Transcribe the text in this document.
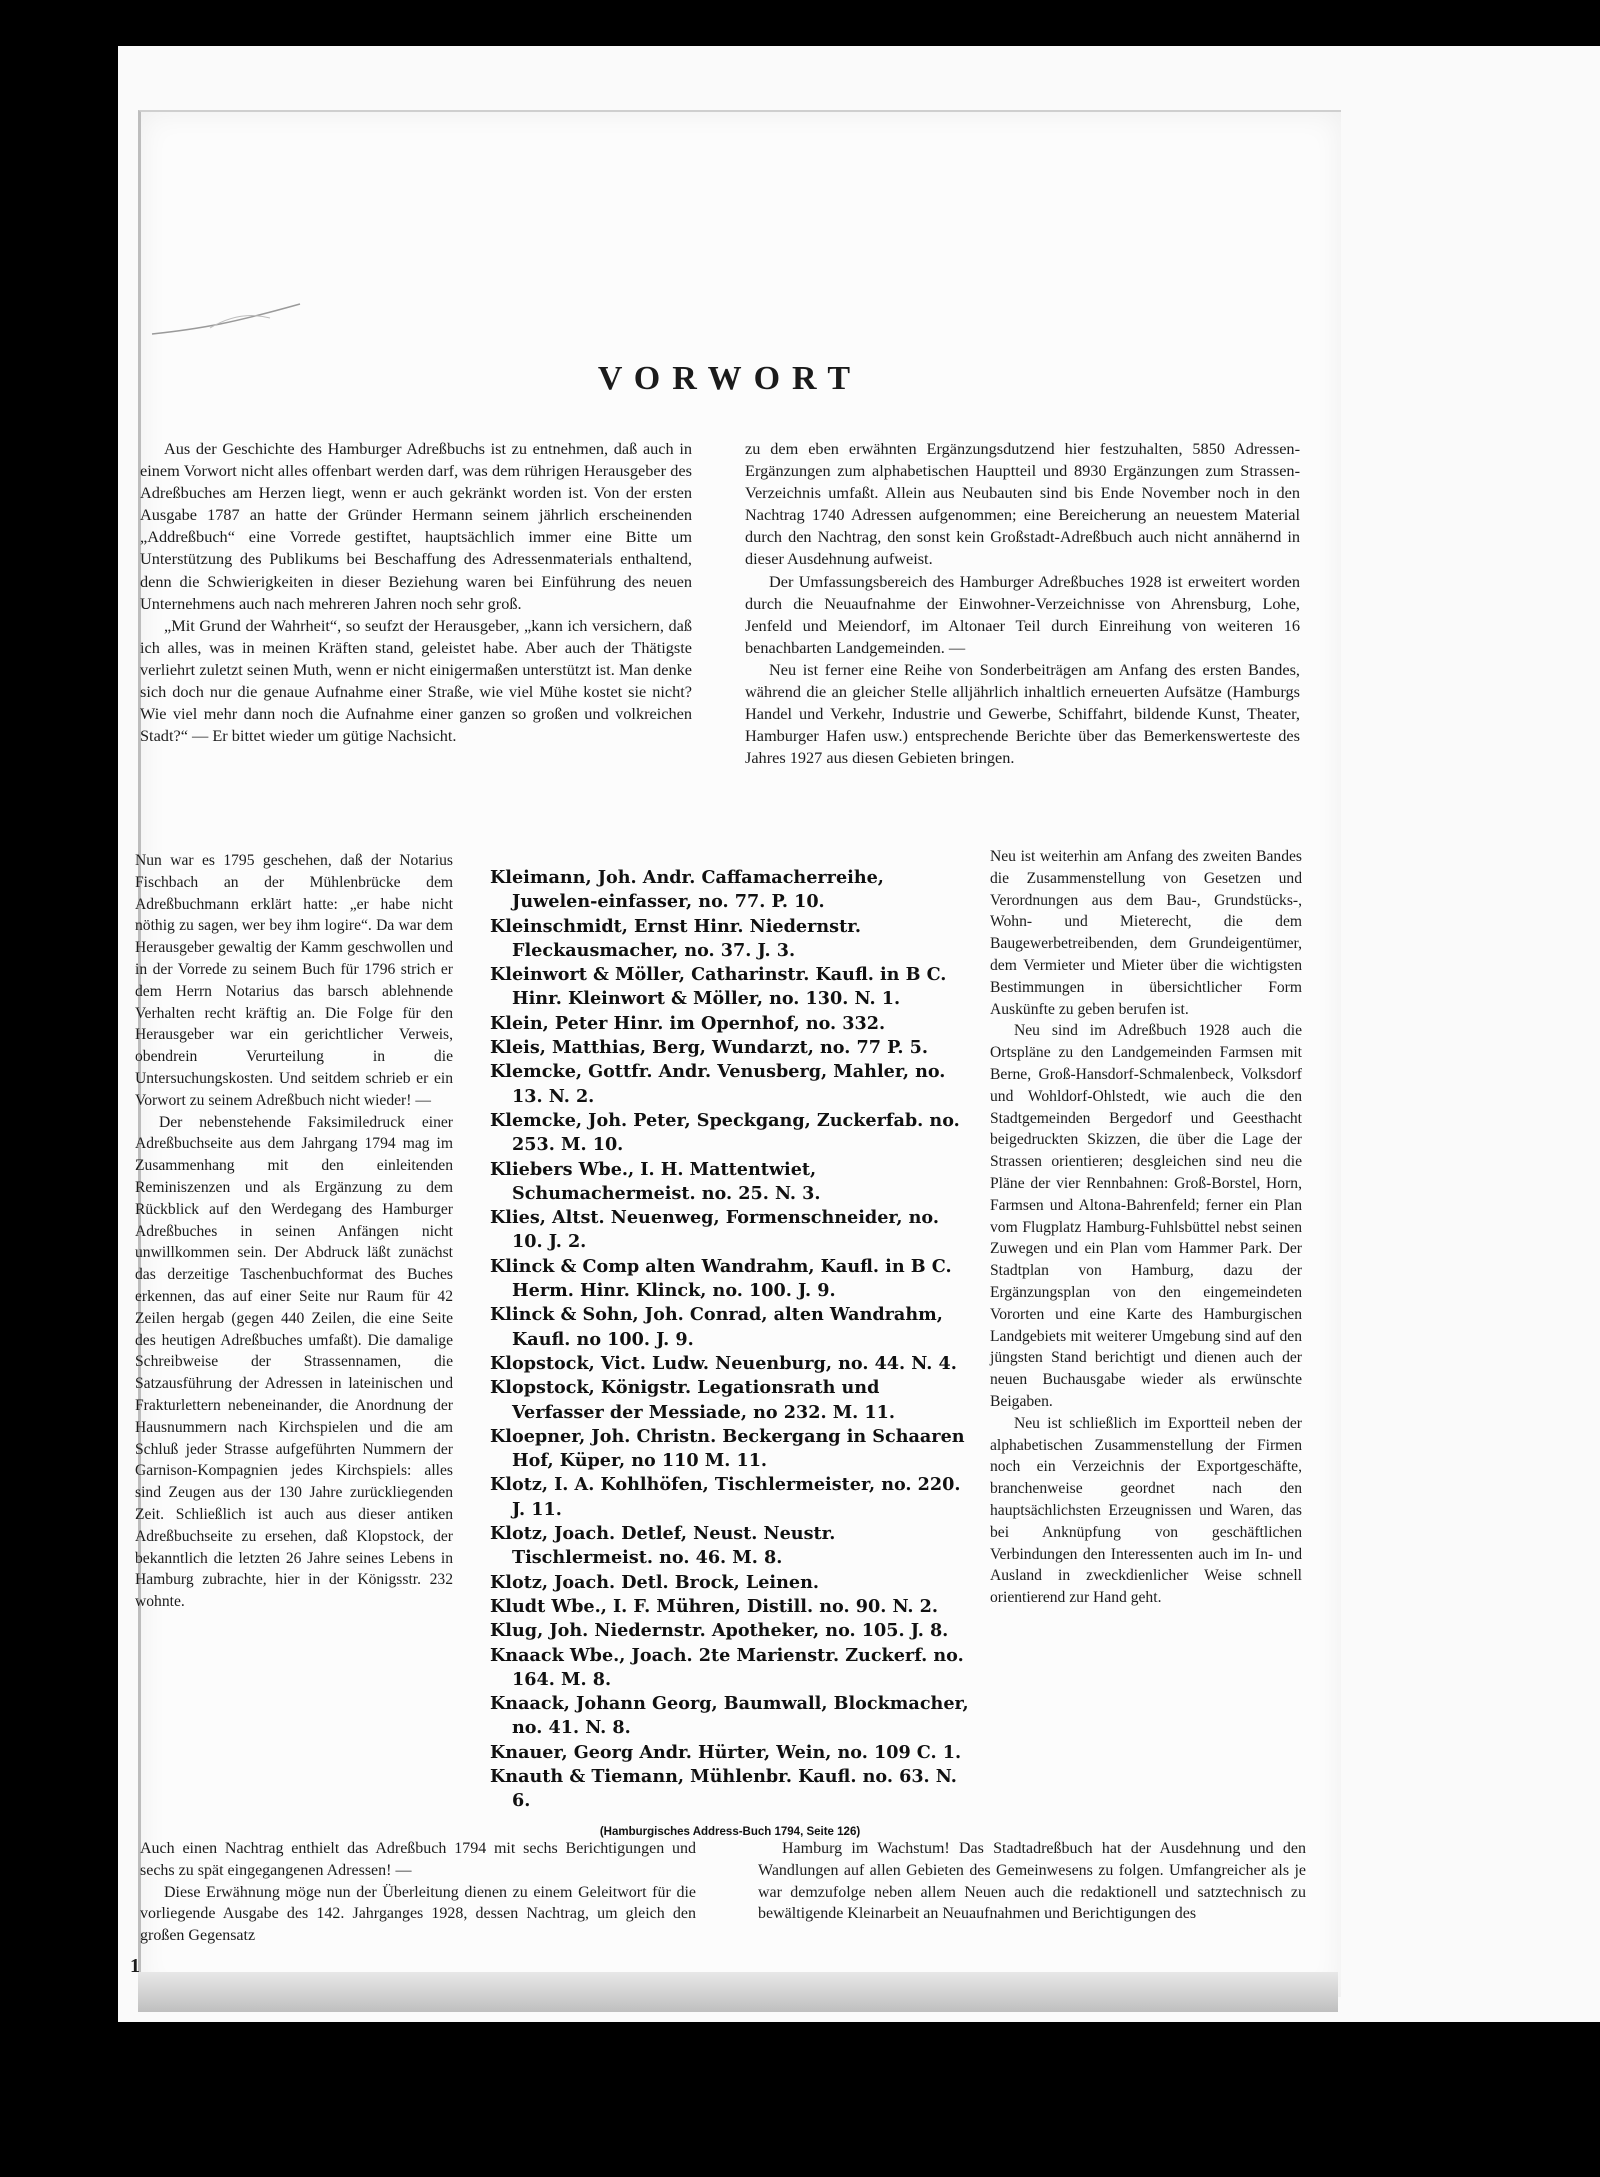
VORWORT

Aus der Geschichte des Hamburger Adreßbuchs ist zu entnehmen, daß auch in einem Vorwort nicht alles offenbart werden darf, was dem rührigen Herausgeber des Adreßbuches am Herzen liegt, wenn er auch gekränkt worden ist. Von der ersten Ausgabe 1787 an hatte der Gründer Hermann seinem jährlich erscheinenden „Addreßbuch“ eine Vorrede gestiftet, hauptsächlich immer eine Bitte um Unterstützung des Publikums bei Beschaffung des Adressenmaterials enthaltend, denn die Schwierigkeiten in dieser Beziehung waren bei Einführung des neuen Unternehmens auch nach mehreren Jahren noch sehr groß.

„Mit Grund der Wahrheit“, so seufzt der Herausgeber, „kann ich versichern, daß ich alles, was in meinen Kräften stand, geleistet habe. Aber auch der Thätigste verliehrt zuletzt seinen Muth, wenn er nicht einigermaßen unterstützt ist. Man denke sich doch nur die genaue Aufnahme einer Straße, wie viel Mühe kostet sie nicht? Wie viel mehr dann noch die Aufnahme einer ganzen so großen und volkreichen Stadt?“ — Er bittet wieder um gütige Nachsicht.

zu dem eben erwähnten Ergänzungsdutzend hier festzuhalten, 5850 Adressen-Ergänzungen zum alphabetischen Hauptteil und 8930 Ergänzungen zum Strassen-Verzeichnis umfaßt. Allein aus Neubauten sind bis Ende November noch in den Nachtrag 1740 Adressen aufgenommen; eine Bereicherung an neuestem Material durch den Nachtrag, den sonst kein Großstadt-Adreßbuch auch nicht annähernd in dieser Ausdehnung aufweist.

Der Umfassungsbereich des Hamburger Adreßbuches 1928 ist erweitert worden durch die Neuaufnahme der Einwohner-Verzeichnisse von Ahrensburg, Lohe, Jenfeld und Meiendorf, im Altonaer Teil durch Einreihung von weiteren 16 benachbarten Landgemeinden. —

Neu ist ferner eine Reihe von Sonderbeiträgen am Anfang des ersten Bandes, während die an gleicher Stelle alljährlich inhaltlich erneuerten Aufsätze (Hamburgs Handel und Verkehr, Industrie und Gewerbe, Schiffahrt, bildende Kunst, Theater, Hamburger Hafen usw.) entsprechende Berichte über das Bemerkenswerteste des Jahres 1927 aus diesen Gebieten bringen.

Nun war es 1795 geschehen, daß der Notarius Fischbach an der Mühlenbrücke dem Adreßbuchmann erklärt hatte: „er habe nicht nöthig zu sagen, wer bey ihm logire“. Da war dem Herausgeber gewaltig der Kamm geschwollen und in der Vorrede zu seinem Buch für 1796 strich er dem Herrn Notarius das barsch ablehnende Verhalten recht kräftig an. Die Folge für den Herausgeber war ein gerichtlicher Verweis, obendrein Verurteilung in die Untersuchungskosten. Und seitdem schrieb er ein Vorwort zu seinem Adreßbuch nicht wieder! —

Der nebenstehende Faksimiledruck einer Adreßbuchseite aus dem Jahrgang 1794 mag im Zusammenhang mit den einleitenden Reminiszenzen und als Ergänzung zu dem Rückblick auf den Werdegang des Hamburger Adreßbuches in seinen Anfängen nicht unwillkommen sein. Der Abdruck läßt zunächst das derzeitige Taschenbuchformat des Buches erkennen, das auf einer Seite nur Raum für 42 Zeilen hergab (gegen 440 Zeilen, die eine Seite des heutigen Adreßbuches umfaßt). Die damalige Schreibweise der Strassennamen, die Satzausführung der Adressen in lateinischen und Frakturlettern nebeneinander, die Anordnung der Hausnummern nach Kirchspielen und die am Schluß jeder Strasse aufgeführten Nummern der Garnison-Kompagnien jedes Kirchspiels: alles sind Zeugen aus der 130 Jahre zurückliegenden Zeit. Schließlich ist auch aus dieser antiken Adreßbuchseite zu ersehen, daß Klopstock, der bekanntlich die letzten 26 Jahre seines Lebens in Hamburg zubrachte, hier in der Königsstr. 232 wohnte.

Kleimann, Joh. Andr. Caffamacherreihe, Juwelen-einfasser, no. 77. P. 10.

Kleinschmidt, Ernst Hinr. Niedernstr. Fleckausmacher, no. 37. J. 3.

Kleinwort & Möller, Catharinstr. Kaufl. in B C. Hinr. Kleinwort & Möller, no. 130. N. 1.

Klein, Peter Hinr. im Opernhof, no. 332.

Kleis, Matthias, Berg, Wundarzt, no. 77 P. 5.

Klemcke, Gottfr. Andr. Venusberg, Mahler, no. 13. N. 2.

Klemcke, Joh. Peter, Speckgang, Zuckerfab. no. 253. M. 10.

Kliebers Wbe., I. H. Mattentwiet, Schumachermeist. no. 25. N. 3.

Klies, Altst. Neuenweg, Formenschneider, no. 10. J. 2.

Klinck & Comp alten Wandrahm, Kaufl. in B C. Herm. Hinr. Klinck, no. 100. J. 9.

Klinck & Sohn, Joh. Conrad, alten Wandrahm, Kaufl. no 100. J. 9.

Klopstock, Vict. Ludw. Neuenburg, no. 44. N. 4.

Klopstock, Königstr. Legationsrath und Verfasser der Messiade, no 232. M. 11.

Kloepner, Joh. Christn. Beckergang in Schaaren Hof, Küper, no 110 M. 11.

Klotz, I. A. Kohlhöfen, Tischlermeister, no. 220. J. 11.

Klotz, Joach. Detlef, Neust. Neustr. Tischlermeist. no. 46. M. 8.

Klotz, Joach. Detl. Brock, Leinen.

Kludt Wbe., I. F. Mühren, Distill. no. 90. N. 2.

Klug, Joh. Niedernstr. Apotheker, no. 105. J. 8.

Knaack Wbe., Joach. 2te Marienstr. Zuckerf. no. 164. M. 8.

Knaack, Johann Georg, Baumwall, Blockmacher, no. 41. N. 8.

Knauer, Georg Andr. Hürter, Wein, no. 109 C. 1.

Knauth & Tiemann, Mühlenbr. Kaufl. no. 63. N. 6.

(Hamburgisches Address-Buch 1794, Seite 126)

Neu ist weiterhin am Anfang des zweiten Bandes die Zusammenstellung von Gesetzen und Verordnungen aus dem Bau-, Grundstücks-, Wohn- und Mieterecht, die dem Baugewerbetreibenden, dem Grundeigentümer, dem Vermieter und Mieter über die wichtigsten Bestimmungen in übersichtlicher Form Auskünfte zu geben berufen ist.

Neu sind im Adreßbuch 1928 auch die Ortspläne zu den Landgemeinden Farmsen mit Berne, Groß-Hansdorf-Schmalenbeck, Volksdorf und Wohldorf-Ohlstedt, wie auch die den Stadtgemeinden Bergedorf und Geesthacht beigedruckten Skizzen, die über die Lage der Strassen orientieren; desgleichen sind neu die Pläne der vier Rennbahnen: Groß-Borstel, Horn, Farmsen und Altona-Bahrenfeld; ferner ein Plan vom Flugplatz Hamburg-Fuhlsbüttel nebst seinen Zuwegen und ein Plan vom Hammer Park. Der Stadtplan von Hamburg, dazu der Ergänzungsplan von den eingemeindeten Vororten und eine Karte des Hamburgischen Landgebiets mit weiterer Umgebung sind auf den jüngsten Stand berichtigt und dienen auch der neuen Buchausgabe wieder als erwünschte Beigaben.

Neu ist schließlich im Exportteil neben der alphabetischen Zusammenstellung der Firmen noch ein Verzeichnis der Exportgeschäfte, branchenweise geordnet nach den hauptsächlichsten Erzeugnissen und Waren, das bei Anknüpfung von geschäftlichen Verbindungen den Interessenten auch im In- und Ausland in zweckdienlicher Weise schnell orientierend zur Hand geht.

Auch einen Nachtrag enthielt das Adreßbuch 1794 mit sechs Berichtigungen und sechs zu spät eingegangenen Adressen! —

Diese Erwähnung möge nun der Überleitung dienen zu einem Geleitwort für die vorliegende Ausgabe des 142. Jahrganges 1928, dessen Nachtrag, um gleich den großen Gegensatz

Hamburg im Wachstum! Das Stadtadreßbuch hat der Ausdehnung und den Wandlungen auf allen Gebieten des Gemeinwesens zu folgen. Umfangreicher als je war demzufolge neben allem Neuen auch die redaktionell und satztechnisch zu bewältigende Kleinarbeit an Neuaufnahmen und Berichtigungen des

1
